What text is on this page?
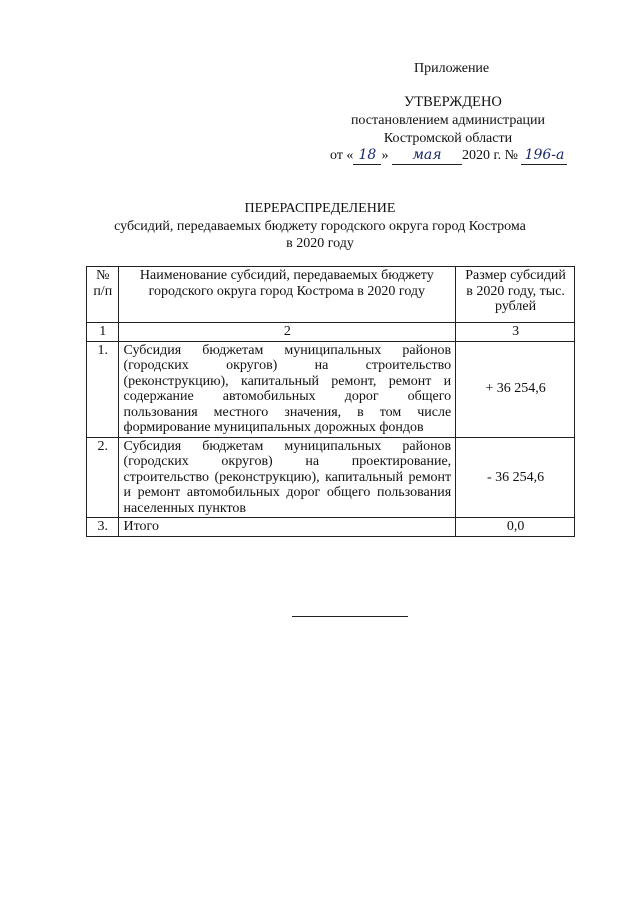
Приложение
УТВЕРЖДЕНО
постановлением администрации
Костромской области
от « 18 » мая 2020 г. № 196-а
ПЕРЕРАСПРЕДЕЛЕНИЕ
субсидий, передаваемых бюджету городского округа город Кострома
в 2020 году
№ п/п	Наименование субсидий, передаваемых бюджету городского округа город Кострома в 2020 году	Размер субсидий в 2020 году, тыс. рублей
1	2	3
1.	Субсидия бюджетам муниципальных районов (городских округов) на строительство (реконструкцию), капитальный ремонт, ремонт и содержание автомобильных дорог общего пользования местного значения, в том числе формирование муниципальных дорожных фондов	+ 36 254,6
2.	Субсидия бюджетам муниципальных районов (городских округов) на проектирование, строительство (реконструкцию), капитальный ремонт и ремонт автомобильных дорог общего пользования населенных пунктов	- 36 254,6
3.	Итого	0,0
